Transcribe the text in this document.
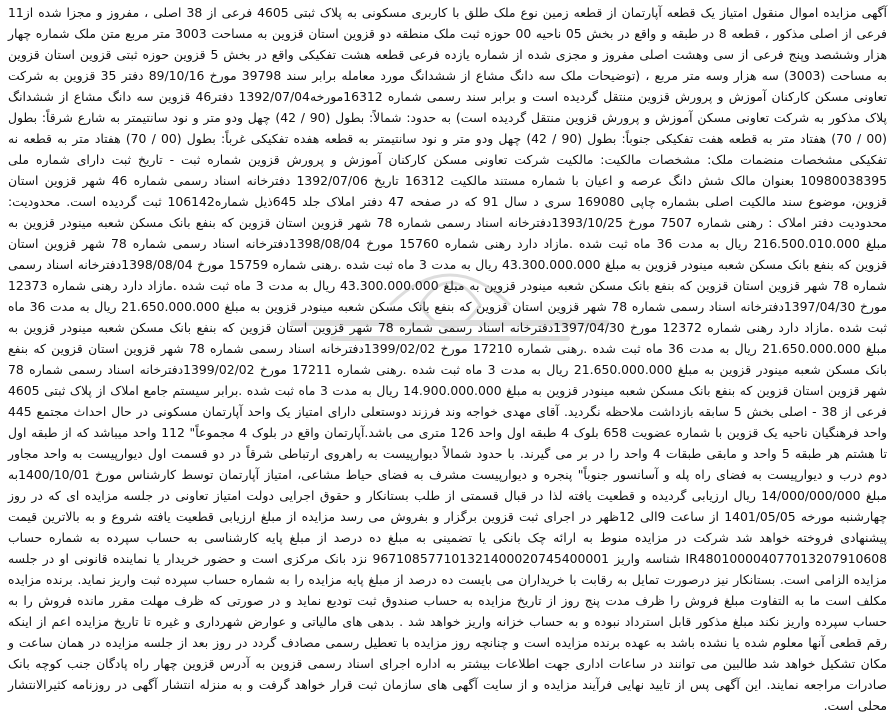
آگهی مزایده اموال منقول امتیاز یک قطعه آپارتمان از قطعه زمین نوع ملک طلق با کاربری مسکونی به پلاک ثبتی 4605 فرعی از 38 اصلی ، مفروز و مجزا شده از11 فرعی از اصلی مذکور ، قطعه 8 در طبقه و واقع در بخش 05 ناحیه 00 حوزه ثبت ملک منطقه دو قزوین استان قزوین به مساحت 3003 متر مربع متن ملک شماره چهار هزار وششصد وپنج فرعی از سی وهشت اصلی مفروز و مجزی شده از شماره یازده فرعی قطعه هشت تفکیکی واقع در بخش 5 قزوین حوزه ثبتی قزوین استان قزوین به مساحت (3003) سه هزار وسه متر مربع ، (توضیحات ملک سه دانگ مشاع از ششدانگ مورد معامله برابر سند 39798 مورخ 89/10/16 دفتر 35 قزوین به شرکت تعاونی مسکن کارکنان آموزش و پرورش قزوین منتقل گردیده است و برابر سند رسمی شماره 16312مورخه1392/07/04 دفتر46 قزوین سه دانگ مشاع از ششدانگ پلاک مذکور به شرکت تعاونی مسکن آموزش و پرورش قزوین منتقل گردیده است) به حدود: شمالاً: بطول (90 / 42) چهل ودو متر و نود سانتیمتر به شارع شرقاً: بطول (00 / 70) هفتاد متر به قطعه هفت تفکیکی جنوباً: بطول (90 / 42) چهل ودو متر و نود سانتیمتر به قطعه هفده تفکیکی غرباً: بطول (00 / 70) هفتاد متر به قطعه نه تفکیکی مشخصات منضمات ملک: مشخصات مالکیت: مالکیت شرکت تعاونی مسکن کارکنان آموزش و پرورش قزوین شماره ثبت - تاریخ ثبت دارای شماره ملی 10980038395 بعنوان مالک شش دانگ عرصه و اعیان با شماره مستند مالکیت 16312 تاریخ 1392/07/06 دفترخانه اسناد رسمی شماره 46 شهر قزوین استان قزوین، موضوع سند مالکیت اصلی بشماره چاپی 169080 سری د سال 91 که در صفحه 47 دفتر املاک جلد 645ذیل شماره106142 ثبت گردیده است. محدودیت: محدودیت دفتر املاک : رهنی شماره 7507 مورخ 1393/10/25دفترخانه اسناد رسمی شماره 78 شهر قزوین استان قزوین که بنفع بانک مسکن شعبه مینودر قزوین به مبلغ 216.500.010.000 ریال به مدت 36 ماه ثبت شده .مازاد دارد رهنی شماره 15760 مورخ 1398/08/04دفترخانه اسناد رسمی شماره 78 شهر قزوین استان قزوین که بنفع بانک مسکن شعبه مینودر قزوین به مبلغ 43.300.000.000 ریال به مدت 3 ماه ثبت شده .رهنی شماره 15759 مورخ 1398/08/04دفترخانه اسناد رسمی شماره 78 شهر قزوین استان قزوین که بنفع بانک مسکن شعبه مینودر قزوین به مبلغ 43.300.000.000 ریال به مدت 3 ماه ثبت شده .مازاد دارد رهنی شماره 12373 مورخ 1397/04/30دفترخانه اسناد رسمی شماره 78 شهر قزوین استان قزوین که بنفع بانک مسکن شعبه مینودر قزوین به مبلغ 21.650.000.000 ریال به مدت 36 ماه ثبت شده .مازاد دارد رهنی شماره 12372 مورخ 1397/04/30دفترخانه اسناد رسمی شماره 78 شهر قزوین استان قزوین که بنفع بانک مسکن شعبه مینودر قزوین به مبلغ 21.650.000.000 ریال به مدت 36 ماه ثبت شده .رهنی شماره 17210 مورخ 1399/02/02دفترخانه اسناد رسمی شماره 78 شهر قزوین استان قزوین که بنفع بانک مسکن شعبه مینودر قزوین به مبلغ 21.650.000.000 ریال به مدت 3 ماه ثبت شده .رهنی شماره 17211 مورخ 1399/02/02دفترخانه اسناد رسمی شماره 78 شهر قزوین استان قزوین که بنفع بانک مسکن شعبه مینودر قزوین به مبلغ 14.900.000.000 ریال به مدت 3 ماه ثبت شده .برابر سیستم جامع املاک از پلاک ثبتی 4605 فرعی از 38 - اصلی بخش 5 سابقه بازداشت ملاحظه نگردید. آقای مهدی خواجه وند فرزند دوستعلی دارای امتیاز یک واحد آپارتمان مسکونی در حال احداث مجتمع 445 واحد فرهنگیان ناحیه یک قزوین با شماره عضویت 658 بلوک 4 طبقه اول واحد 126 متری می باشد.آپارتمان واقع در بلوک 4 مجموعاً" 112 واحد میباشد که از طبقه اول تا هشتم هر طبقه 5 واحد و مابقی طبقات 4 واحد را در بر می گیرند. با حدود شمالاً دیوارپیست به راهروی ارتباطی شرقاً در دو قسمت اول دیوارپیست به واحد مجاور دوم درب و دیوارپیست به فضای راه پله و آسانسور جنوباً" پنجره و دیوارپیست مشرف به فضای حیاط مشاعی، امتیاز آپارتمان توسط کارشناس مورخ 1400/10/01به مبلغ 14/000/000/000 ریال ارزیابی گردیده و قطعیت یافته لذا در قبال قسمتی از طلب بستانکار و حقوق اجرایی دولت امتیاز تعاونی در جلسه مزایده ای که در روز چهارشنبه مورخه 1401/05/05 از ساعت 9الی 12ظهر در اجرای ثبت قزوین برگزار و بفروش می رسد مزایده از مبلغ ارزیابی قطعیت یافته شروع و به بالاترین قیمت پیشنهادی فروخته خواهد شد شرکت در مزایده منوط به ارائه چک بانکی یا تضمینی به مبلغ ده درصد از مبلغ پایه کارشناسی به حساب سپرده به شماره حساب IR480100004077013207910608 شناسه واریز 967108577101321400020745400001 نزد بانک مرکزی است و حضور خریدار یا نماینده قانونی او در جلسه مزایده الزامی است. بستانکار نیز درصورت تمایل به رقابت با خریداران می بایست ده درصد از مبلغ پایه مزایده را به شماره حساب سپرده ثبت واریز نماید. برنده مزایده مکلف است ما به التفاوت مبلغ فروش را ظرف مدت پنج روز از تاریخ مزایده به حساب صندوق ثبت تودیع نماید و در صورتی که ظرف مهلت مقرر مانده فروش را به حساب سپرده واریز نکند مبلغ مذکور قابل استرداد نبوده و به حساب خزانه واریز خواهد شد . بدهی های مالیاتی و عوارض شهرداری و غیره تا تاریخ مزایده اعم از اینکه رقم قطعی آنها معلوم شده یا نشده باشد به عهده برنده مزایده است و چنانچه روز مزایده با تعطیل رسمی مصادف گردد در روز بعد از جلسه مزایده در همان ساعت و مکان تشکیل خواهد شد طالبین می توانند در ساعات اداری جهت اطلاعات بیشتر به اداره اجرای اسناد رسمی قزوین به آدرس قزوین چهار راه پادگان جنب کوچه بانک صادرات مراجعه نمایند. این آگهی پس از تایید نهایی فرآیند مزایده و از سایت آگهی های سازمان ثبت قرار خواهد گرفت و به منزله انتشار آگهی در روزنامه کثیرالانتشار محلی است.
